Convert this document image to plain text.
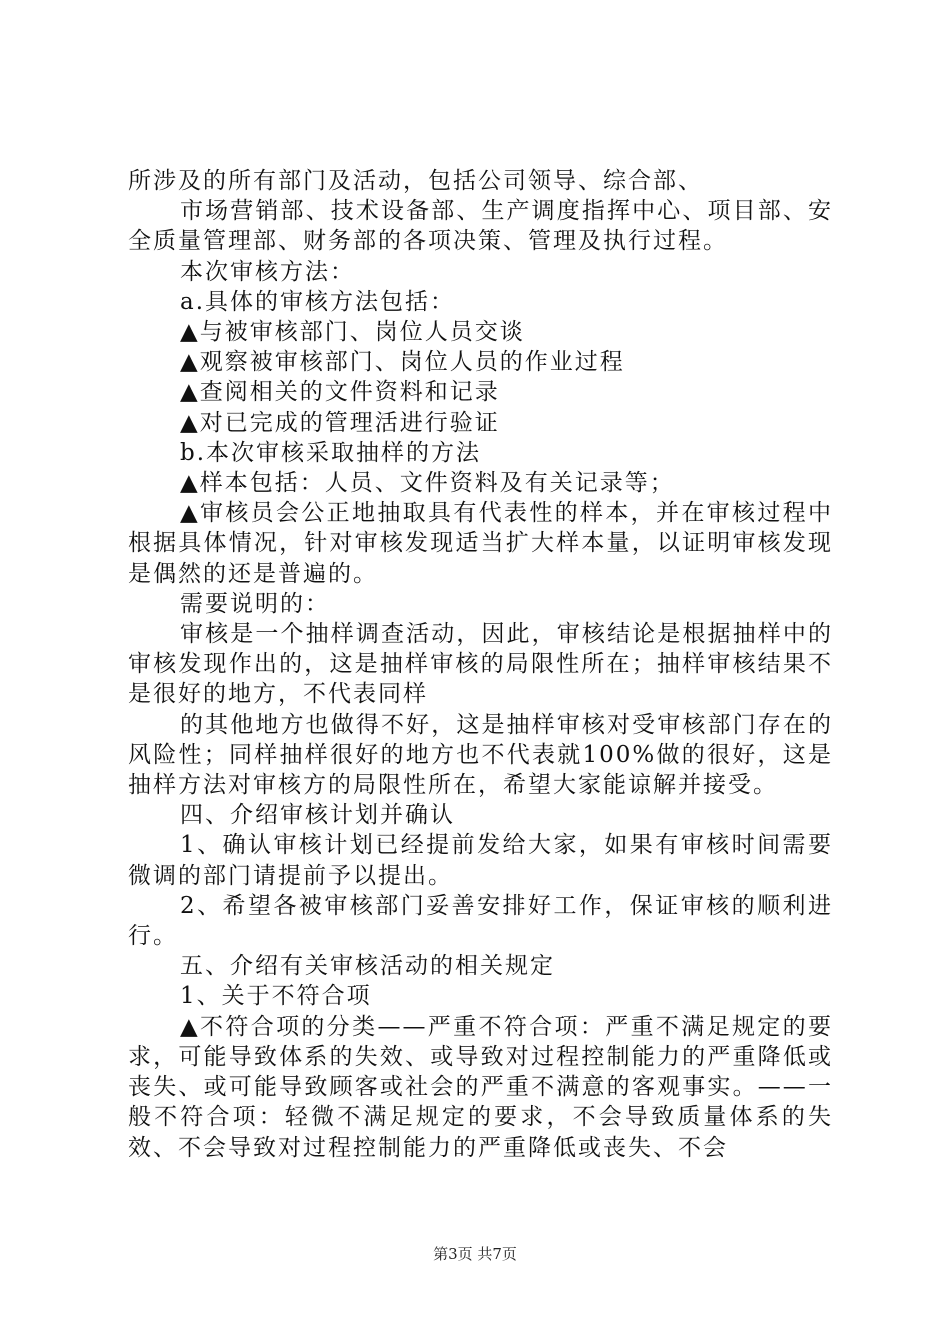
所涉及的所有部门及活动，包括公司领导、综合部、

市场营销部、技术设备部、生产调度指挥中心、项目部、安全质量管理部、财务部的各项决策、管理及执行过程。

本次审核方法：

a.具体的审核方法包括：

▲与被审核部门、岗位人员交谈

▲观察被审核部门、岗位人员的作业过程

▲查阅相关的文件资料和记录

▲对已完成的管理活进行验证

b.本次审核采取抽样的方法

▲样本包括：人员、文件资料及有关记录等；

▲审核员会公正地抽取具有代表性的样本，并在审核过程中根据具体情况，针对审核发现适当扩大样本量，以证明审核发现是偶然的还是普遍的。

需要说明的：

审核是一个抽样调查活动，因此，审核结论是根据抽样中的审核发现作出的，这是抽样审核的局限性所在；抽样审核结果不是很好的地方，不代表同样

的其他地方也做得不好，这是抽样审核对受审核部门存在的风险性；同样抽样很好的地方也不代表就100%做的很好，这是抽样方法对审核方的局限性所在，希望大家能谅解并接受。

四、介绍审核计划并确认

1、确认审核计划已经提前发给大家，如果有审核时间需要微调的部门请提前予以提出。

2、希望各被审核部门妥善安排好工作，保证审核的顺利进行。

五、介绍有关审核活动的相关规定

1、关于不符合项

▲不符合项的分类——严重不符合项：严重不满足规定的要求，可能导致体系的失效、或导致对过程控制能力的严重降低或丧失、或可能导致顾客或社会的严重不满意的客观事实。——一般不符合项：轻微不满足规定的要求，不会导致质量体系的失效、不会导致对过程控制能力的严重降低或丧失、不会

第3页 共7页
